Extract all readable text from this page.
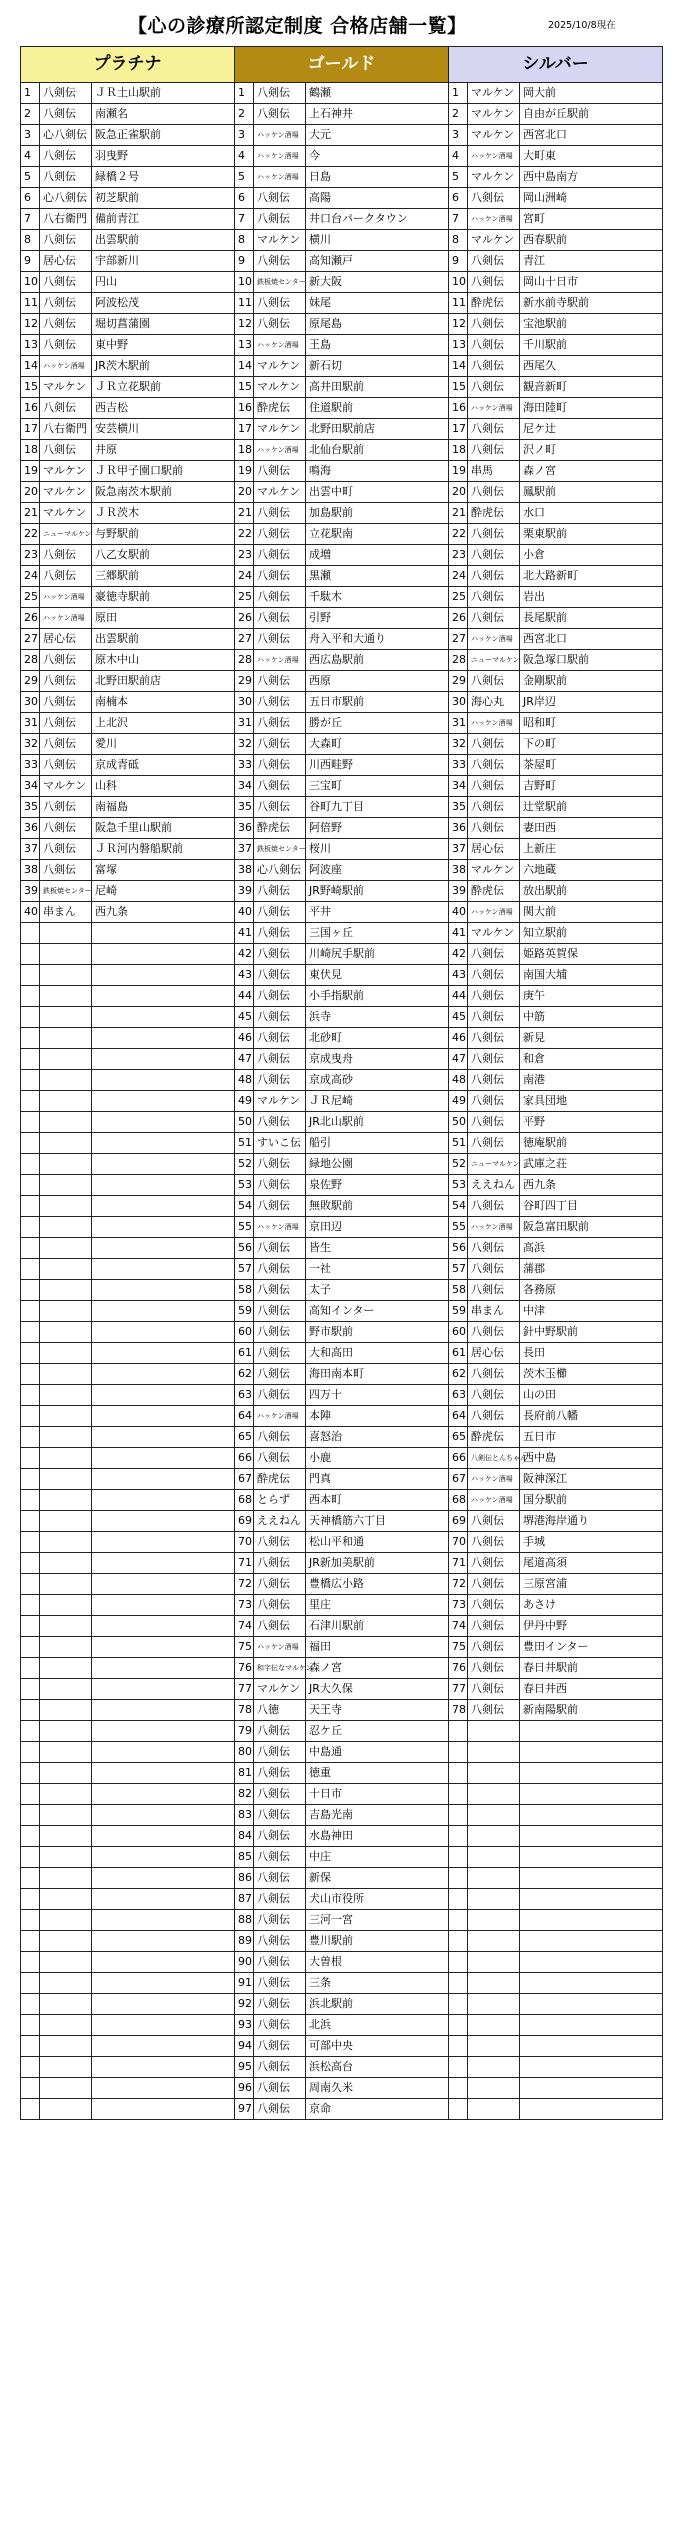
【心の診療所認定制度 合格店舗一覧】	2025/10/8現在
プラチナ			ゴールド			シルバー		
1	八剣伝	ＪＲ土山駅前	1	八剣伝	鶴瀬	1	マルケン	岡大前
2	八剣伝	南瀬名	2	八剣伝	上石神井	2	マルケン	自由が丘駅前
3	心八剣伝	阪急正雀駅前	3	ハッケン酒場	大元	3	マルケン	西宮北口
4	八剣伝	羽曳野	4	ハッケン酒場	今	4	ハッケン酒場	大町東
5	八剣伝	緑橋２号	5	ハッケン酒場	日島	5	マルケン	西中島南方
6	心八剣伝	初芝駅前	6	八剣伝	高陽	6	八剣伝	岡山洲崎
7	八右衛門	備前青江	7	八剣伝	井口台パークタウン	7	ハッケン酒場	宮町
8	八剣伝	出雲駅前	8	マルケン	横川	8	マルケン	西春駅前
9	居心伝	宇部新川	9	八剣伝	高知瀬戸	9	八剣伝	青江
10	八剣伝	円山	10	鉄板焼センター	新大阪	10	八剣伝	岡山十日市
11	八剣伝	阿波松茂	11	八剣伝	妹尾	11	酔虎伝	新水前寺駅前
12	八剣伝	堀切菖蒲園	12	八剣伝	原尾島	12	八剣伝	宝池駅前
13	八剣伝	東中野	13	ハッケン酒場	王島	13	八剣伝	千川駅前
14	ハッケン酒場	JR茨木駅前	14	マルケン	新石切	14	八剣伝	西尾久
15	マルケン	ＪＲ立花駅前	15	マルケン	高井田駅前	15	八剣伝	観音新町
16	八剣伝	西吉松	16	酔虎伝	住道駅前	16	ハッケン酒場	海田陸町
17	八右衛門	安芸横川	17	マルケン	北野田駅前店	17	八剣伝	尼ケ辻
18	八剣伝	井原	18	ハッケン酒場	北仙台駅前	18	八剣伝	沢ノ町
19	マルケン	ＪＲ甲子園口駅前	19	八剣伝	鳴海	19	串馬	森ノ宮
20	マルケン	阪急南茨木駅前	20	マルケン	出雲中町	20	八剣伝	鳳駅前
21	マルケン	ＪＲ茨木	21	八剣伝	加島駅前	21	酔虎伝	水口
22	ニューマルケン	与野駅前	22	八剣伝	立花駅南	22	八剣伝	栗東駅前
23	八剣伝	八乙女駅前	23	八剣伝	成増	23	八剣伝	小倉
24	八剣伝	三郷駅前	24	八剣伝	黒瀬	24	八剣伝	北大路新町
25	ハッケン酒場	豪徳寺駅前	25	八剣伝	千駄木	25	八剣伝	岩出
26	ハッケン酒場	原田	26	八剣伝	引野	26	八剣伝	長尾駅前
27	居心伝	出雲駅前	27	八剣伝	舟入平和大通り	27	ハッケン酒場	西宮北口
28	八剣伝	原木中山	28	ハッケン酒場	西広島駅前	28	ニューマルケン	阪急塚口駅前
29	八剣伝	北野田駅前店	29	八剣伝	西原	29	八剣伝	金剛駅前
30	八剣伝	南楠本	30	八剣伝	五日市駅前	30	海心丸	JR岸辺
31	八剣伝	上北沢	31	八剣伝	勝が丘	31	ハッケン酒場	昭和町
32	八剣伝	愛川	32	八剣伝	大森町	32	八剣伝	下の町
33	八剣伝	京成青砥	33	八剣伝	川西畦野	33	八剣伝	茶屋町
34	マルケン	山科	34	八剣伝	三宝町	34	八剣伝	吉野町
35	八剣伝	南福島	35	八剣伝	谷町九丁目	35	八剣伝	辻堂駅前
36	八剣伝	阪急千里山駅前	36	酔虎伝	阿倍野	36	八剣伝	妻田西
37	八剣伝	ＪＲ河内磐船駅前	37	鉄板焼センター	桜川	37	居心伝	上新庄
38	八剣伝	富塚	38	心八剣伝	阿波座	38	マルケン	六地蔵
39	鉄板焼センター	尼崎	39	八剣伝	JR野崎駅前	39	酔虎伝	放出駅前
40	串まん	西九条	40	八剣伝	平井	40	ハッケン酒場	関大前
			41	八剣伝	三国ヶ丘	41	マルケン	知立駅前
			42	八剣伝	川崎尻手駅前	42	八剣伝	姫路英賀保
			43	八剣伝	東伏見	43	八剣伝	南国大埔
			44	八剣伝	小手指駅前	44	八剣伝	庚午
			45	八剣伝	浜寺	45	八剣伝	中筋
			46	八剣伝	北砂町	46	八剣伝	新見
			47	八剣伝	京成曳舟	47	八剣伝	和倉
			48	八剣伝	京成高砂	48	八剣伝	南港
			49	マルケン	ＪＲ尼崎	49	八剣伝	家具団地
			50	八剣伝	JR北山駅前	50	八剣伝	平野
			51	すいこ伝	船引	51	八剣伝	徳庵駅前
			52	八剣伝	緑地公園	52	ニューマルケン	武庫之荘
			53	八剣伝	泉佐野	53	ええねん	西九条
			54	八剣伝	無敗駅前	54	八剣伝	谷町四丁目
			55	ハッケン酒場	京田辺	55	ハッケン酒場	阪急富田駅前
			56	八剣伝	皆生	56	八剣伝	高浜
			57	八剣伝	一社	57	八剣伝	蒲郡
			58	八剣伝	太子	58	八剣伝	各務原
			59	八剣伝	高知インター	59	串まん	中津
			60	八剣伝	野市駅前	60	八剣伝	針中野駅前
			61	八剣伝	大和高田	61	居心伝	長田
			62	八剣伝	海田南本町	62	八剣伝	茨木玉櫛
			63	八剣伝	四万十	63	八剣伝	山の田
			64	ハッケン酒場	本陣	64	八剣伝	長府前八幡
			65	八剣伝	喜怒治	65	酔虎伝	五日市
			66	八剣伝	小鹿	66	八剣伝とんちゃん	西中島
			67	酔虎伝	門真	67	ハッケン酒場	阪神深江
			68	とらず	西本町	68	ハッケン酒場	国分駅前
			69	ええねん	天神橋筋六丁目	69	八剣伝	堺港海岸通り
			70	八剣伝	松山平和通	70	八剣伝	手城
			71	八剣伝	JR新加美駅前	71	八剣伝	尾道高須
			72	八剣伝	豊橋広小路	72	八剣伝	三原宮浦
			73	八剣伝	里庄	73	八剣伝	あさけ
			74	八剣伝	石津川駅前	74	八剣伝	伊丹中野
			75	ハッケン酒場	福田	75	八剣伝	豊田インター
			76	和字伝なマルケン	森ノ宮	76	八剣伝	春日井駅前
			77	マルケン	JR大久保	77	八剣伝	春日井西
			78	八徳	天王寺	78	八剣伝	新南陽駅前
			79	八剣伝	忍ケ丘			
			80	八剣伝	中島通			
			81	八剣伝	徳重			
			82	八剣伝	十日市			
			83	八剣伝	吉島光南			
			84	八剣伝	水島神田			
			85	八剣伝	中庄			
			86	八剣伝	新保			
			87	八剣伝	犬山市役所			
			88	八剣伝	三河一宮			
			89	八剣伝	豊川駅前			
			90	八剣伝	大曽根			
			91	八剣伝	三条			
			92	八剣伝	浜北駅前			
			93	八剣伝	北浜			
			94	八剣伝	可部中央			
			95	八剣伝	浜松高台			
			96	八剣伝	周南久米			
			97	八剣伝	京命			
